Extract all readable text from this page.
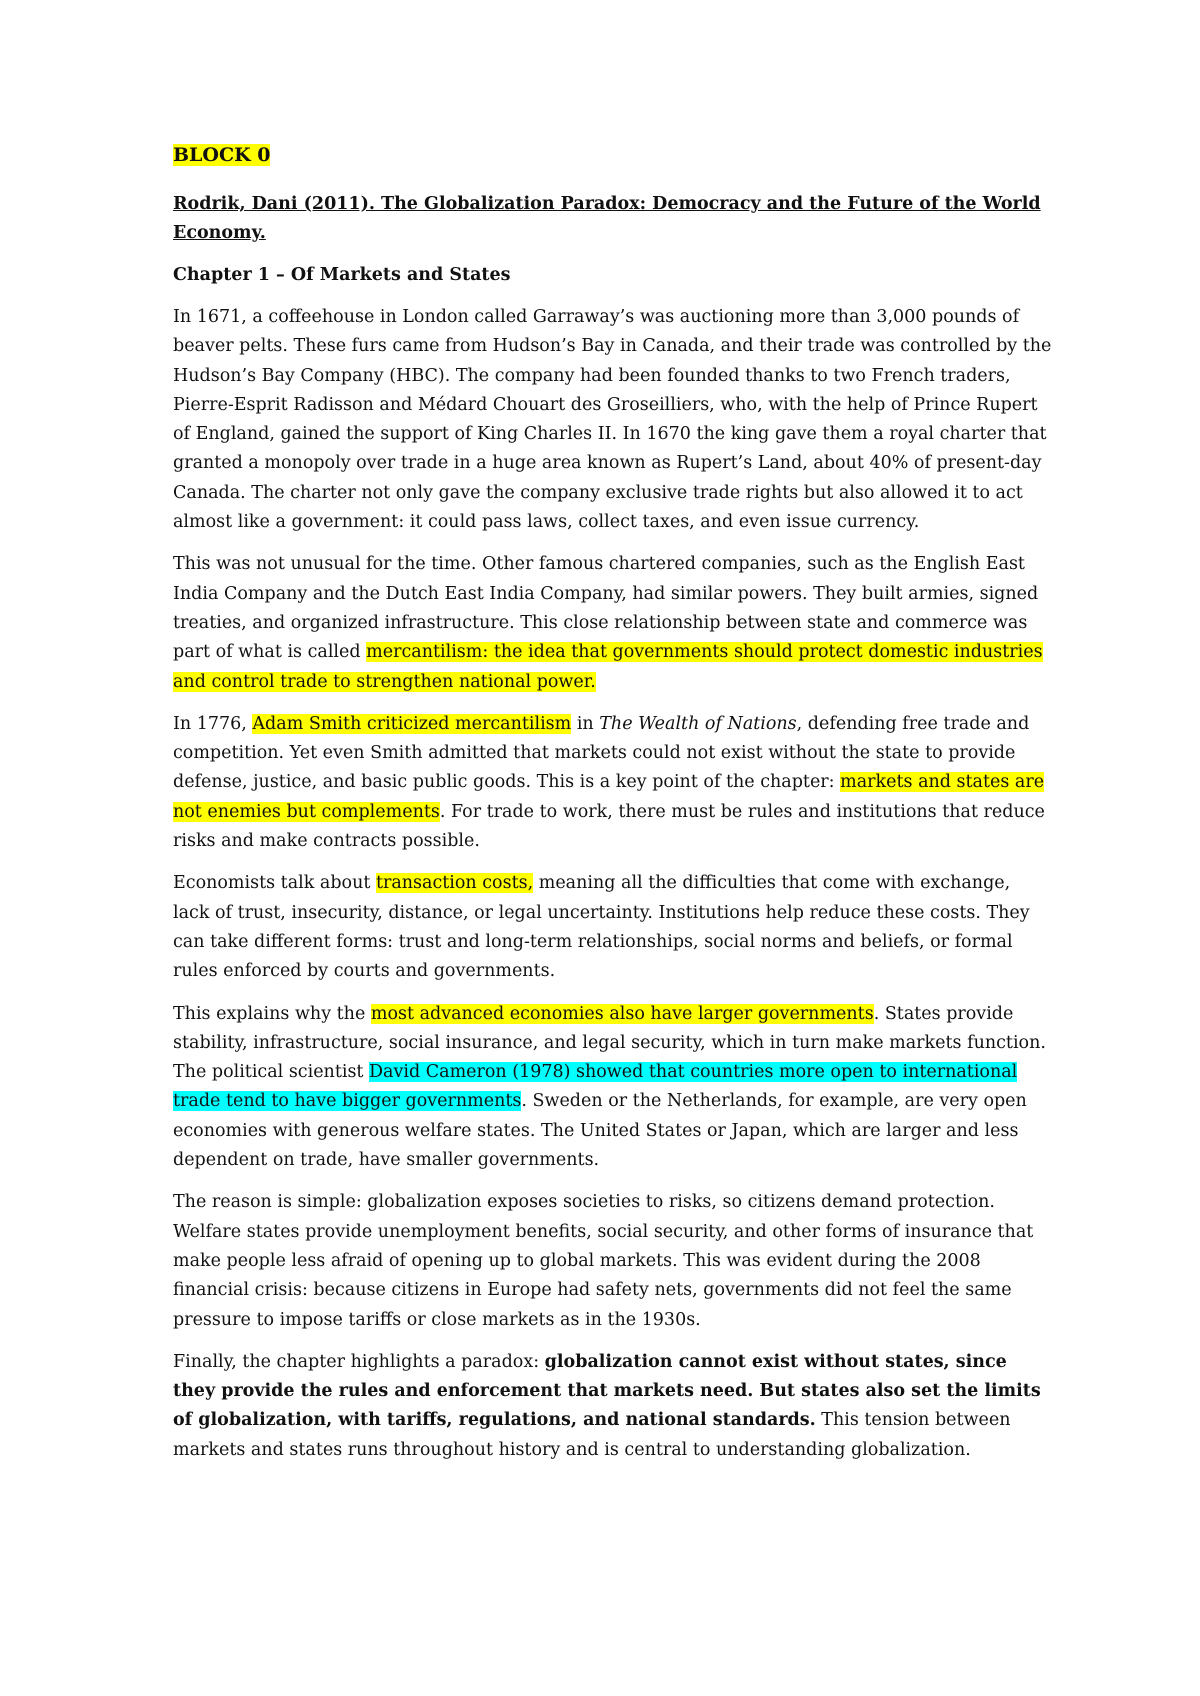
BLOCK 0
Rodrik, Dani (2011). The Globalization Paradox: Democracy and the Future of the World Economy.
Chapter 1 – Of Markets and States

In 1671, a coffeehouse in London called Garraway’s was auctioning more than 3,000 pounds of beaver pelts. These furs came from Hudson’s Bay in Canada, and their trade was controlled by the Hudson’s Bay Company (HBC). The company had been founded thanks to two French traders, Pierre-Esprit Radisson and Médard Chouart des Groseilliers, who, with the help of Prince Rupert of England, gained the support of King Charles II. In 1670 the king gave them a royal charter that granted a monopoly over trade in a huge area known as Rupert’s Land, about 40% of present-day Canada. The charter not only gave the company exclusive trade rights but also allowed it to act almost like a government: it could pass laws, collect taxes, and even issue currency.

This was not unusual for the time. Other famous chartered companies, such as the English East India Company and the Dutch East India Company, had similar powers. They built armies, signed treaties, and organized infrastructure. This close relationship between state and commerce was part of what is called mercantilism: the idea that governments should protect domestic industries and control trade to strengthen national power.

In 1776, Adam Smith criticized mercantilism in The Wealth of Nations, defending free trade and competition. Yet even Smith admitted that markets could not exist without the state to provide defense, justice, and basic public goods. This is a key point of the chapter: markets and states are not enemies but complements. For trade to work, there must be rules and institutions that reduce risks and make contracts possible.

Economists talk about transaction costs, meaning all the difficulties that come with exchange, lack of trust, insecurity, distance, or legal uncertainty. Institutions help reduce these costs. They can take different forms: trust and long-term relationships, social norms and beliefs, or formal rules enforced by courts and governments.

This explains why the most advanced economies also have larger governments. States provide stability, infrastructure, social insurance, and legal security, which in turn make markets function. The political scientist David Cameron (1978) showed that countries more open to international trade tend to have bigger governments. Sweden or the Netherlands, for example, are very open economies with generous welfare states. The United States or Japan, which are larger and less dependent on trade, have smaller governments.

The reason is simple: globalization exposes societies to risks, so citizens demand protection. Welfare states provide unemployment benefits, social security, and other forms of insurance that make people less afraid of opening up to global markets. This was evident during the 2008 financial crisis: because citizens in Europe had safety nets, governments did not feel the same pressure to impose tariffs or close markets as in the 1930s.

Finally, the chapter highlights a paradox: globalization cannot exist without states, since they provide the rules and enforcement that markets need. But states also set the limits of globalization, with tariffs, regulations, and national standards. This tension between markets and states runs throughout history and is central to understanding globalization.
